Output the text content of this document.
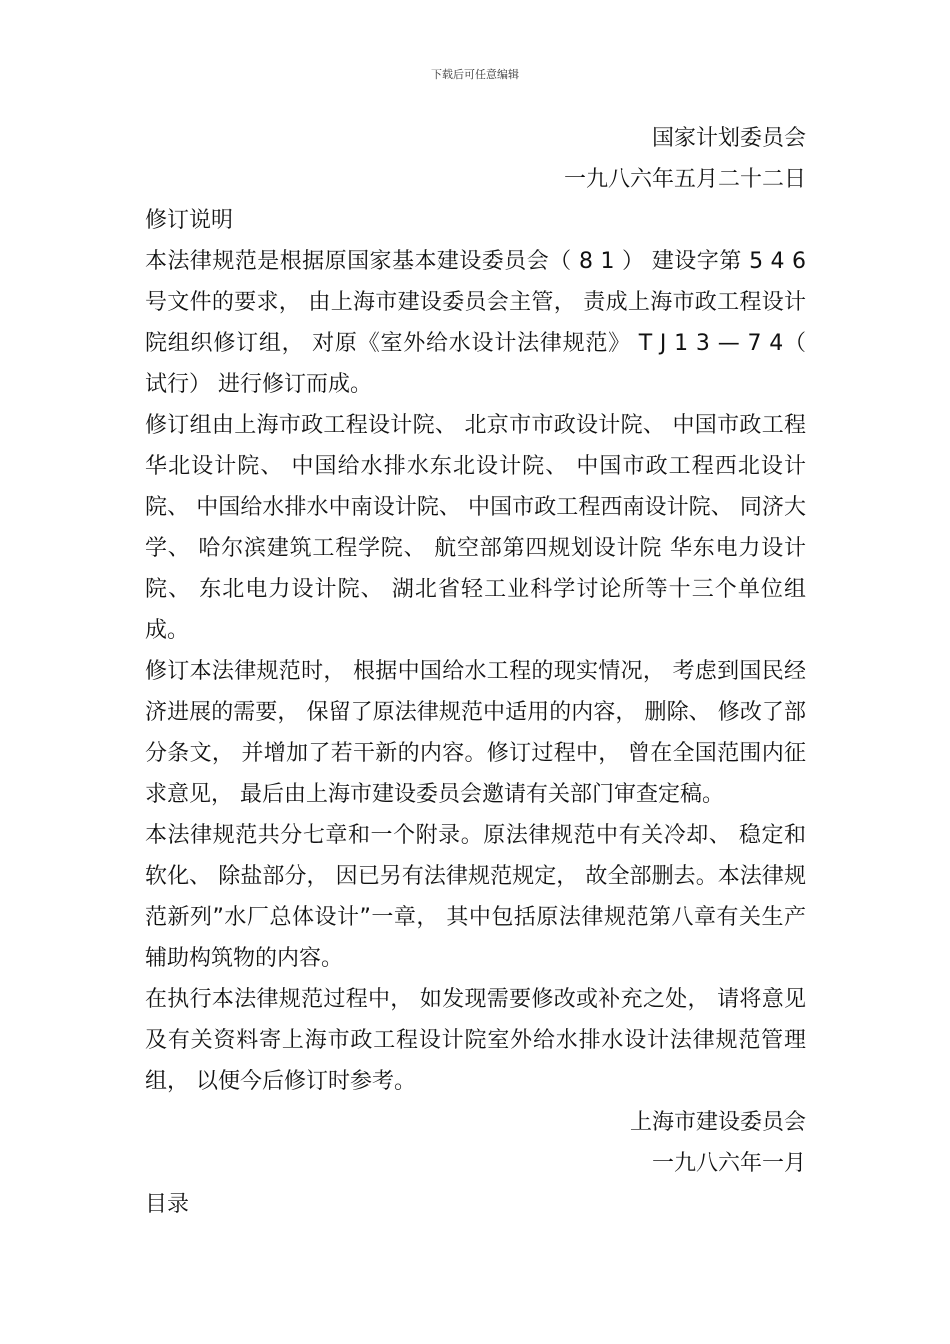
下载后可任意编辑

国家计划委员会

一九八六年五月二十二日

修订说明

本法律规范是根据原国家基本建设委员会（ 8 1 ） 建设字第 5 4 6 号文件的要求， 由上海市建设委员会主管， 责成上海市政工程设计院组织修订组， 对原《室外给水设计法律规范》 T J 1 3 — 7 4（ 试行） 进行修订而成。

修订组由上海市政工程设计院、 北京市市政设计院、 中国市政工程华北设计院、 中国给水排水东北设计院、 中国市政工程西北设计院、 中国给水排水中南设计院、 中国市政工程西南设计院、 同济大学、 哈尔滨建筑工程学院、 航空部第四规划设计院 华东电力设计院、 东北电力设计院、 湖北省轻工业科学讨论所等十三个单位组成。

修订本法律规范时， 根据中国给水工程的现实情况， 考虑到国民经济进展的需要， 保留了原法律规范中适用的内容， 删除、 修改了部分条文， 并增加了若干新的内容。修订过程中， 曾在全国范围内征求意见， 最后由上海市建设委员会邀请有关部门审查定稿。

本法律规范共分七章和一个附录。原法律规范中有关冷却、 稳定和软化、 除盐部分， 因已另有法律规范规定， 故全部删去。本法律规范新列”水厂总体设计”一章， 其中包括原法律规范第八章有关生产辅助构筑物的内容。

在执行本法律规范过程中， 如发现需要修改或补充之处， 请将意见及有关资料寄上海市政工程设计院室外给水排水设计法律规范管理组， 以便今后修订时参考。

上海市建设委员会

一九八六年一月

目录
